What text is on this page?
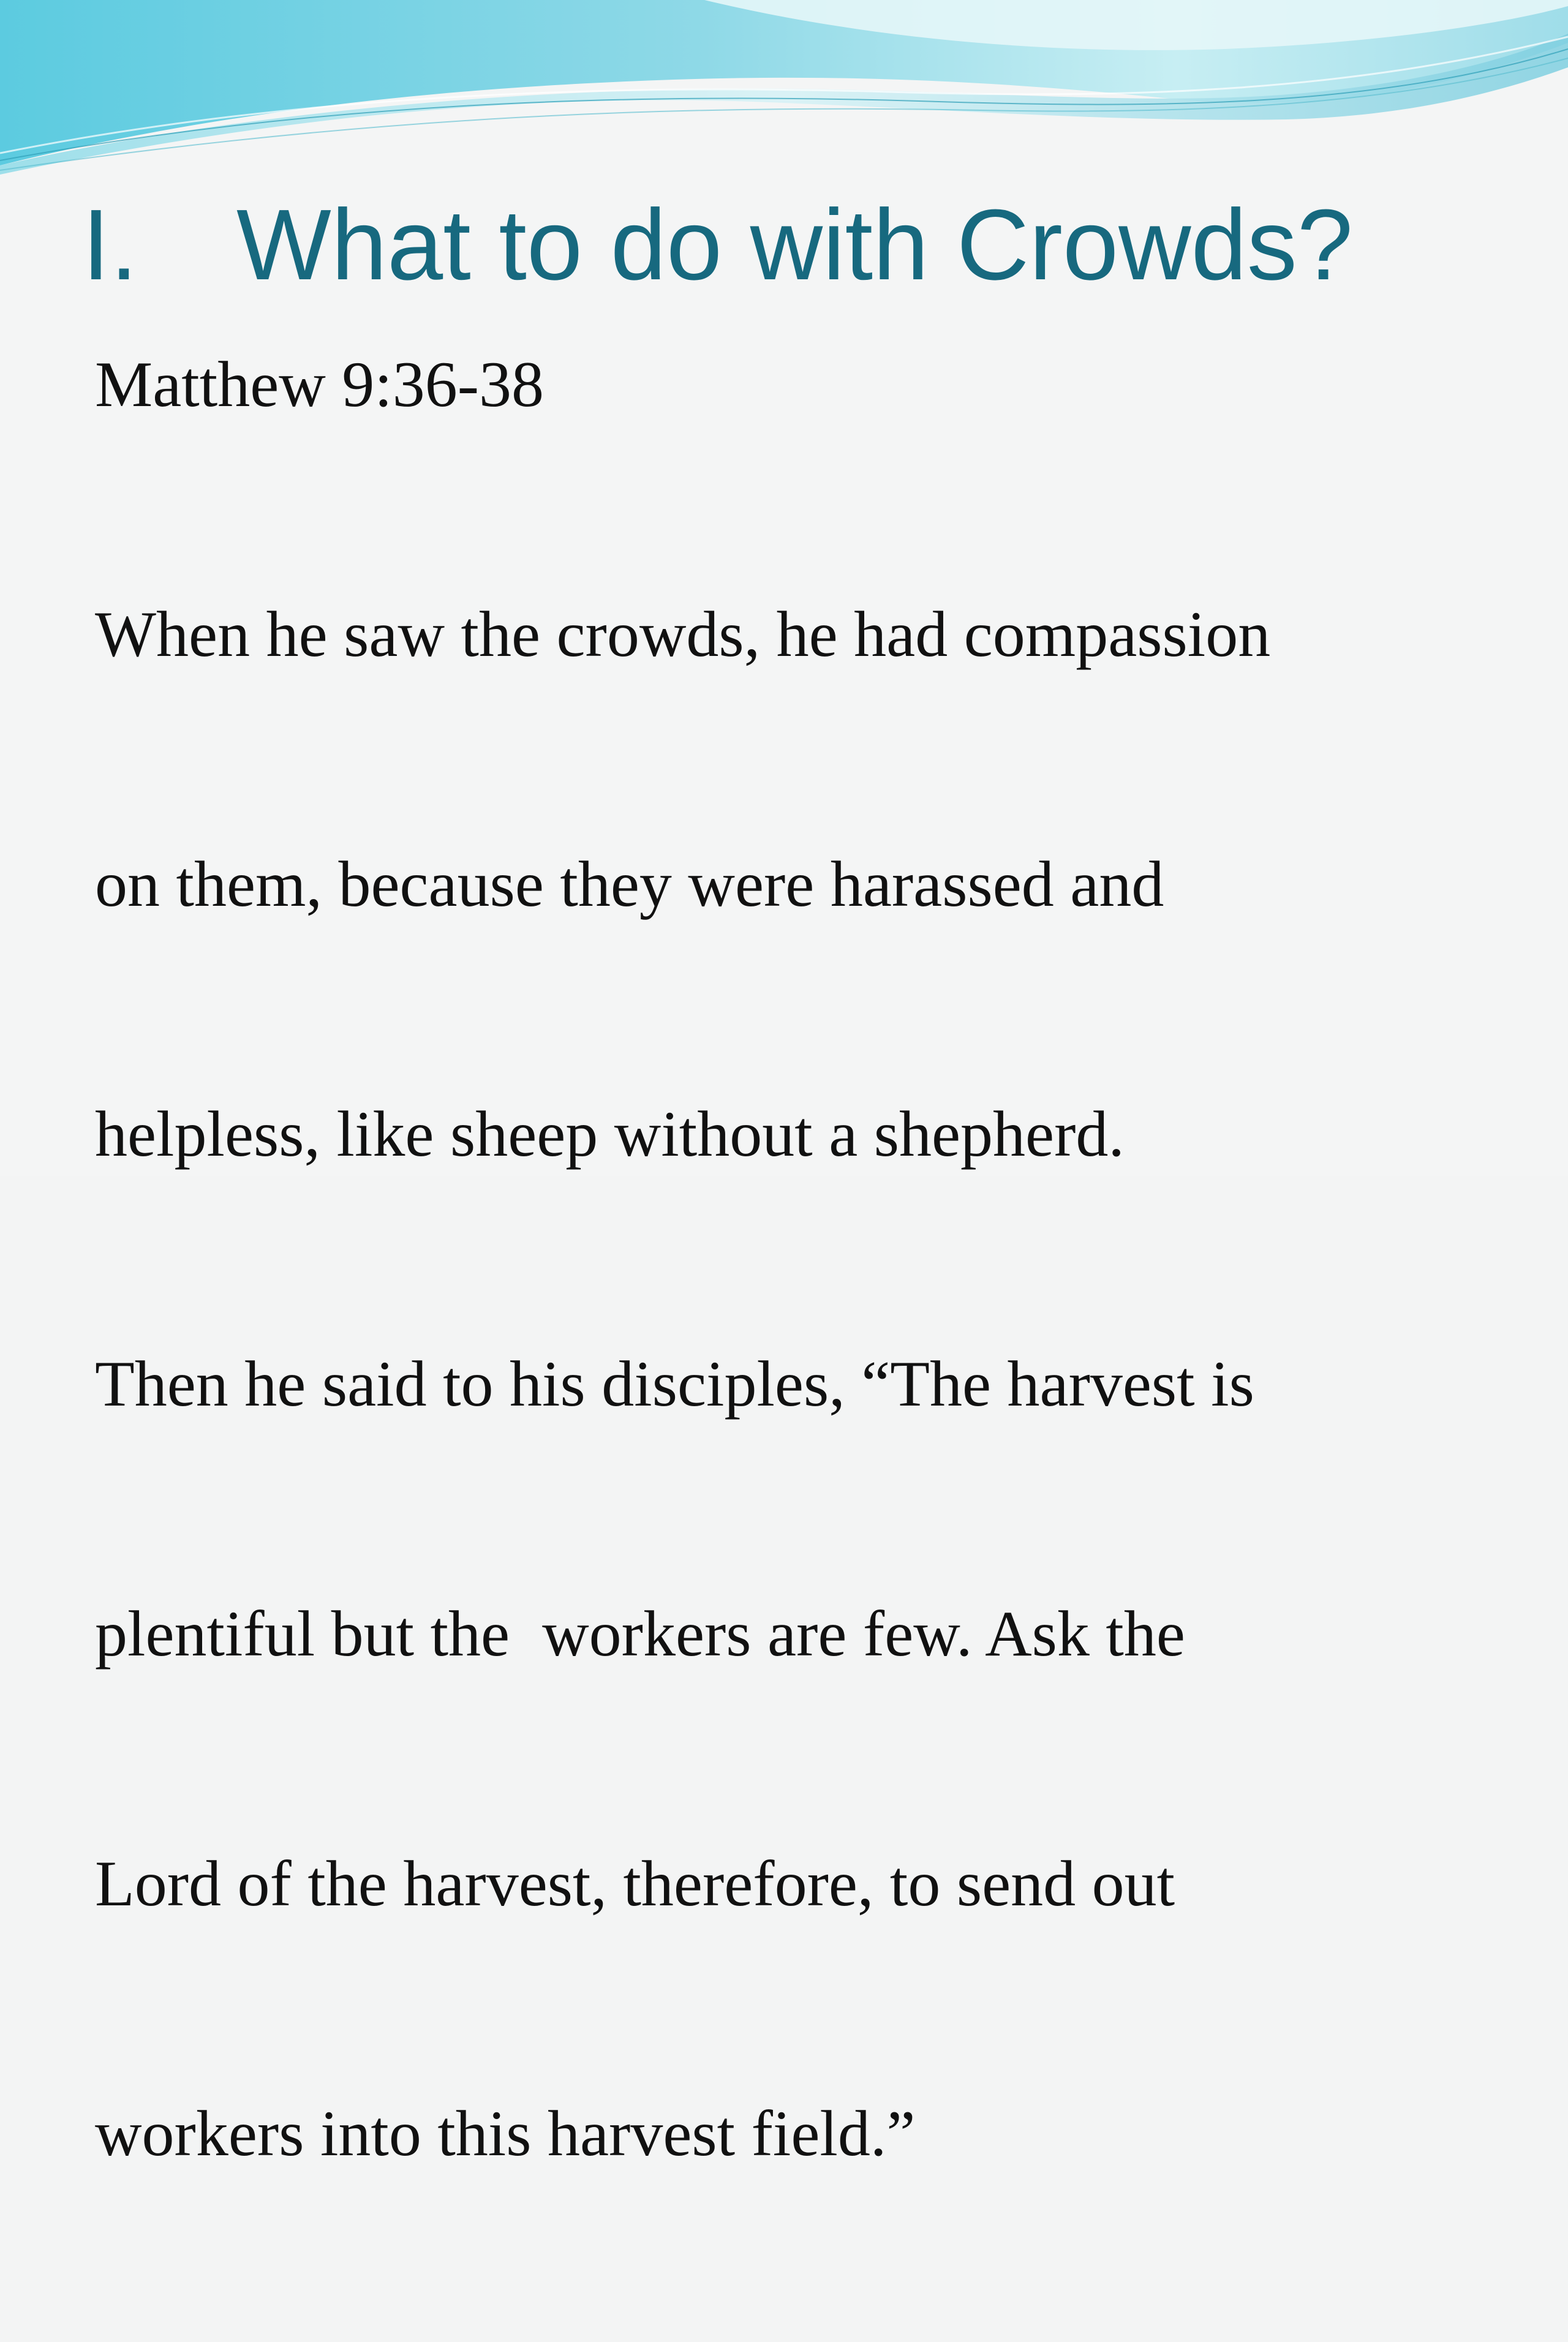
I. What to do with Crowds?

Matthew 9:36-38

When he saw the crowds, he had compassion

on them, because they were harassed and

helpless, like sheep without a shepherd.

Then he said to his disciples, “The harvest is

plentiful but the  workers are few. Ask the

Lord of the harvest, therefore, to send out

workers into this harvest field.”
